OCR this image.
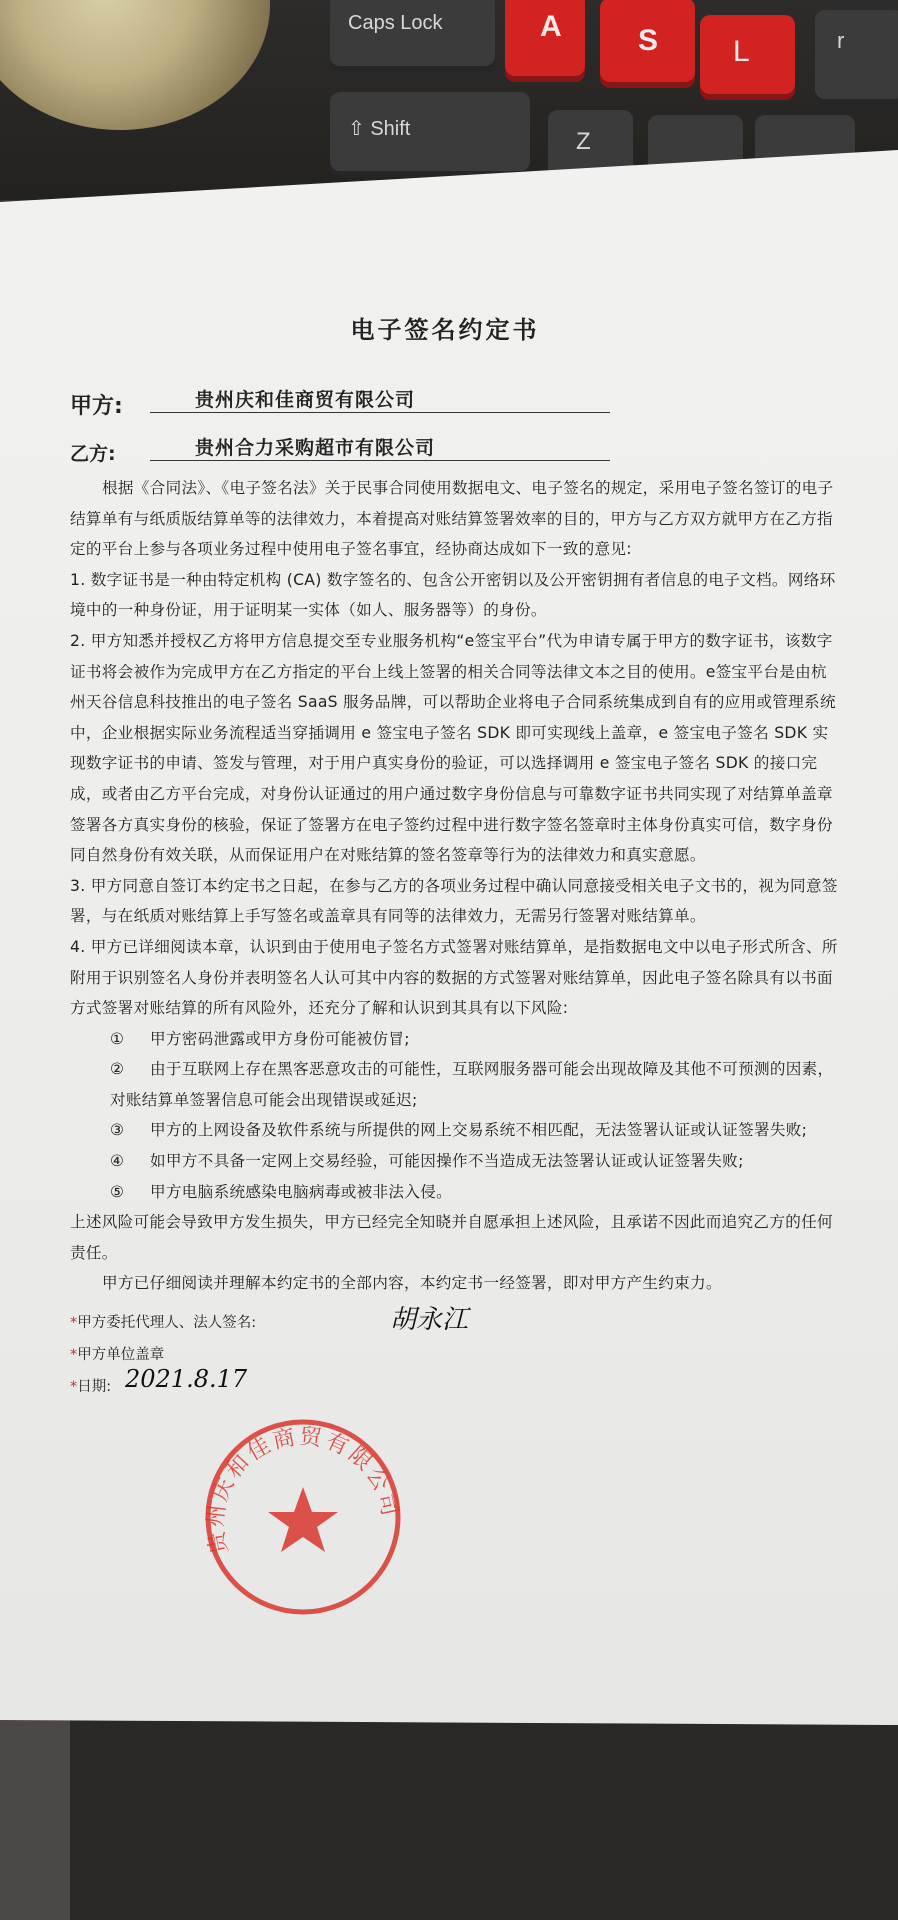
Caps Lock	A	S L	r
⇧ Shift	Z
电子签名约定书
甲方:	贵州庆和佳商贸有限公司
乙方:	贵州合力采购超市有限公司

根据《合同法》、《电子签名法》关于民事合同使用数据电文、电子签名的规定，采用电子签名签订的电子结算单有与纸质版结算单等的法律效力，本着提高对账结算签署效率的目的，甲方与乙方双方就甲方在乙方指定的平台上参与各项业务过程中使用电子签名事宜，经协商达成如下一致的意见:

1. 数字证书是一种由特定机构 (CA) 数字签名的、包含公开密钥以及公开密钥拥有者信息的电子文档。网络环境中的一种身份证，用于证明某一实体（如人、服务器等）的身份。

2. 甲方知悉并授权乙方将甲方信息提交至专业服务机构“e签宝平台”代为申请专属于甲方的数字证书，该数字证书将会被作为完成甲方在乙方指定的平台上线上签署的相关合同等法律文本之目的使用。e签宝平台是由杭州天谷信息科技推出的电子签名 SaaS 服务品牌，可以帮助企业将电子合同系统集成到自有的应用或管理系统中，企业根据实际业务流程适当穿插调用 e 签宝电子签名 SDK 即可实现线上盖章，e 签宝电子签名 SDK 实现数字证书的申请、签发与管理，对于用户真实身份的验证，可以选择调用 e 签宝电子签名 SDK 的接口完成，或者由乙方平台完成，对身份认证通过的用户通过数字身份信息与可靠数字证书共同实现了对结算单盖章签署各方真实身份的核验，保证了签署方在电子签约过程中进行数字签名签章时主体身份真实可信，数字身份同自然身份有效关联，从而保证用户在对账结算的签名签章等行为的法律效力和真实意愿。

3. 甲方同意自签订本约定书之日起，在参与乙方的各项业务过程中确认同意接受相关电子文书的，视为同意签署，与在纸质对账结算上手写签名或盖章具有同等的法律效力，无需另行签署对账结算单。

4. 甲方已详细阅读本章，认识到由于使用电子签名方式签署对账结算单，是指数据电文中以电子形式所含、所附用于识别签名人身份并表明签名人认可其中内容的数据的方式签署对账结算单，因此电子签名除具有以书面方式签署对账结算的所有风险外，还充分了解和认识到其具有以下风险:

① 甲方密码泄露或甲方身份可能被仿冒;

② 由于互联网上存在黑客恶意攻击的可能性，互联网服务器可能会出现故障及其他不可预测的因素，对账结算单签署信息可能会出现错误或延迟;

③ 甲方的上网设备及软件系统与所提供的网上交易系统不相匹配，无法签署认证或认证签署失败;

④ 如甲方不具备一定网上交易经验，可能因操作不当造成无法签署认证或认证签署失败;

⑤ 甲方电脑系统感染电脑病毒或被非法入侵。

上述风险可能会导致甲方发生损失，甲方已经完全知晓并自愿承担上述风险，且承诺不因此而追究乙方的任何责任。

甲方已仔细阅读并理解本约定书的全部内容，本约定书一经签署，即对甲方产生约束力。

*甲方委托代理人、法人签名:	胡永江
*甲方单位盖章
*日期: 2021.8.17
贵州庆和佳商贸有限公司
